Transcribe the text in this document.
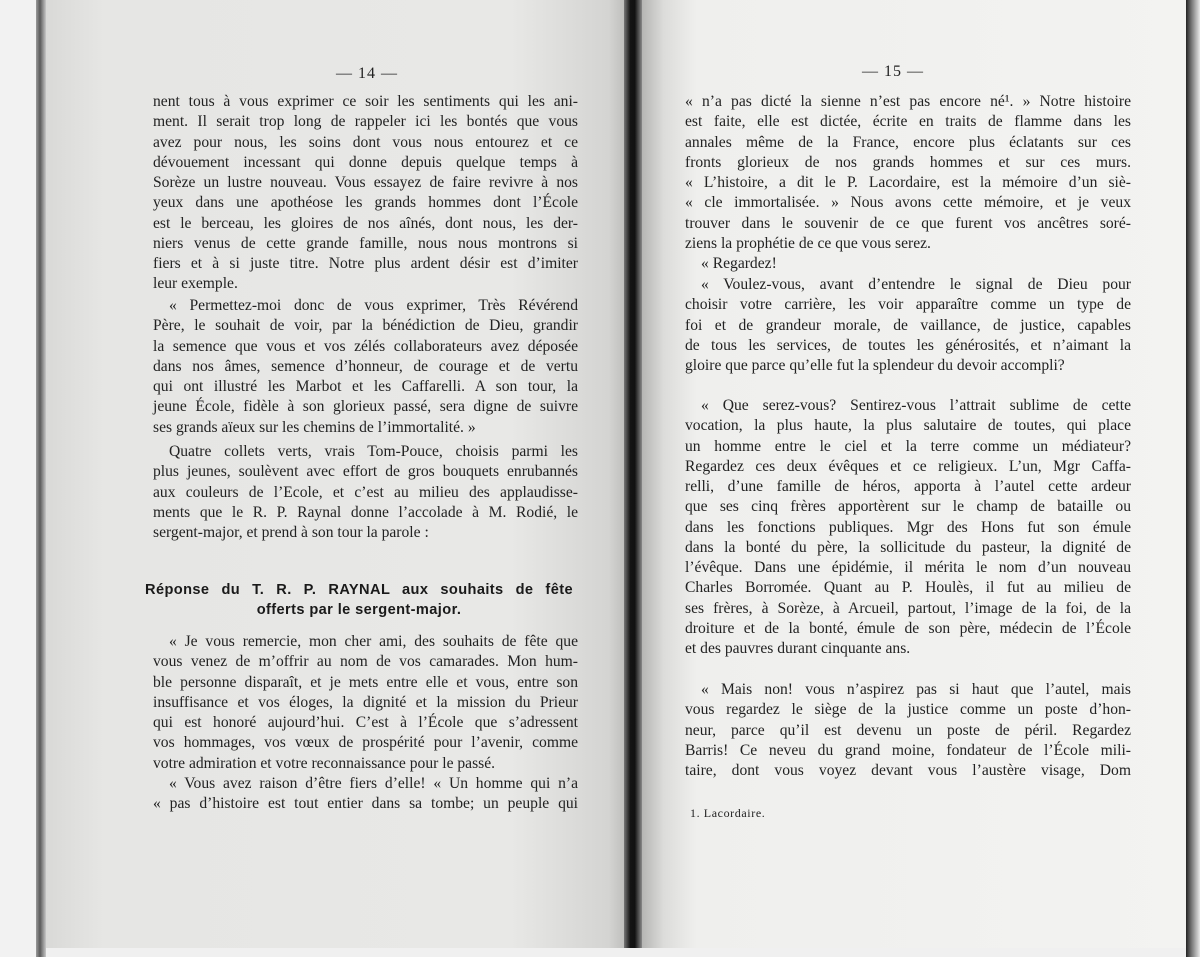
— 14 —	— 15 —
Réponse du T. R. P. RAYNAL aux souhaits de fête
offerts par le sergent-major.
1. Lacordaire.
nent tous à vous exprimer ce soir les sentiments qui les ani-
ment. Il serait trop long de rappeler ici les bontés que vous
avez pour nous, les soins dont vous nous entourez et ce
dévouement incessant qui donne depuis quelque temps à
Sorèze un lustre nouveau. Vous essayez de faire revivre à nos
yeux dans une apothéose les grands hommes dont l’École
est le berceau, les gloires de nos aînés, dont nous, les der-
niers venus de cette grande famille, nous nous montrons si
fiers et à si juste titre. Notre plus ardent désir est d’imiter
leur exemple.
« Permettez-moi donc de vous exprimer, Très Révérend
Père, le souhait de voir, par la bénédiction de Dieu, grandir
la semence que vous et vos zélés collaborateurs avez déposée
dans nos âmes, semence d’honneur, de courage et de vertu
qui ont illustré les Marbot et les Caffarelli. A son tour, la
jeune École, fidèle à son glorieux passé, sera digne de suivre
ses grands aïeux sur les chemins de l’immortalité. »
Quatre collets verts, vrais Tom-Pouce, choisis parmi les
plus jeunes, soulèvent avec effort de gros bouquets enrubannés
aux couleurs de l’Ecole, et c’est au milieu des applaudisse-
ments que le R. P. Raynal donne l’accolade à M. Rodié, le
sergent-major, et prend à son tour la parole :
« Je vous remercie, mon cher ami, des souhaits de fête que
vous venez de m’offrir au nom de vos camarades. Mon hum-
ble personne disparaît, et je mets entre elle et vous, entre son
insuffisance et vos éloges, la dignité et la mission du Prieur
qui est honoré aujourd’hui. C’est à l’École que s’adressent
vos hommages, vos vœux de prospérité pour l’avenir, comme
votre admiration et votre reconnaissance pour le passé.
« Vous avez raison d’être fiers d’elle! « Un homme qui n’a
« pas d’histoire est tout entier dans sa tombe; un peuple qui
« n’a pas dicté la sienne n’est pas encore né¹. » Notre histoire
est faite, elle est dictée, écrite en traits de flamme dans les
annales même de la France, encore plus éclatants sur ces
fronts glorieux de nos grands hommes et sur ces murs.
« L’histoire, a dit le P. Lacordaire, est la mémoire d’un siè-
« cle immortalisée. » Nous avons cette mémoire, et je veux
trouver dans le souvenir de ce que furent vos ancêtres soré-
ziens la prophétie de ce que vous serez.
« Regardez!
« Voulez-vous, avant d’entendre le signal de Dieu pour
choisir votre carrière, les voir apparaître comme un type de
foi et de grandeur morale, de vaillance, de justice, capables
de tous les services, de toutes les générosités, et n’aimant la
gloire que parce qu’elle fut la splendeur du devoir accompli?
« Que serez-vous? Sentirez-vous l’attrait sublime de cette
vocation, la plus haute, la plus salutaire de toutes, qui place
un homme entre le ciel et la terre comme un médiateur?
Regardez ces deux évêques et ce religieux. L’un, Mgr Caffa-
relli, d’une famille de héros, apporta à l’autel cette ardeur
que ses cinq frères apportèrent sur le champ de bataille ou
dans les fonctions publiques. Mgr des Hons fut son émule
dans la bonté du père, la sollicitude du pasteur, la dignité de
l’évêque. Dans une épidémie, il mérita le nom d’un nouveau
Charles Borromée. Quant au P. Houlès, il fut au milieu de
ses frères, à Sorèze, à Arcueil, partout, l’image de la foi, de la
droiture et de la bonté, émule de son père, médecin de l’École
et des pauvres durant cinquante ans.
« Mais non! vous n’aspirez pas si haut que l’autel, mais
vous regardez le siège de la justice comme un poste d’hon-
neur, parce qu’il est devenu un poste de péril. Regardez
Barris! Ce neveu du grand moine, fondateur de l’École mili-
taire, dont vous voyez devant vous l’austère visage, Dom
